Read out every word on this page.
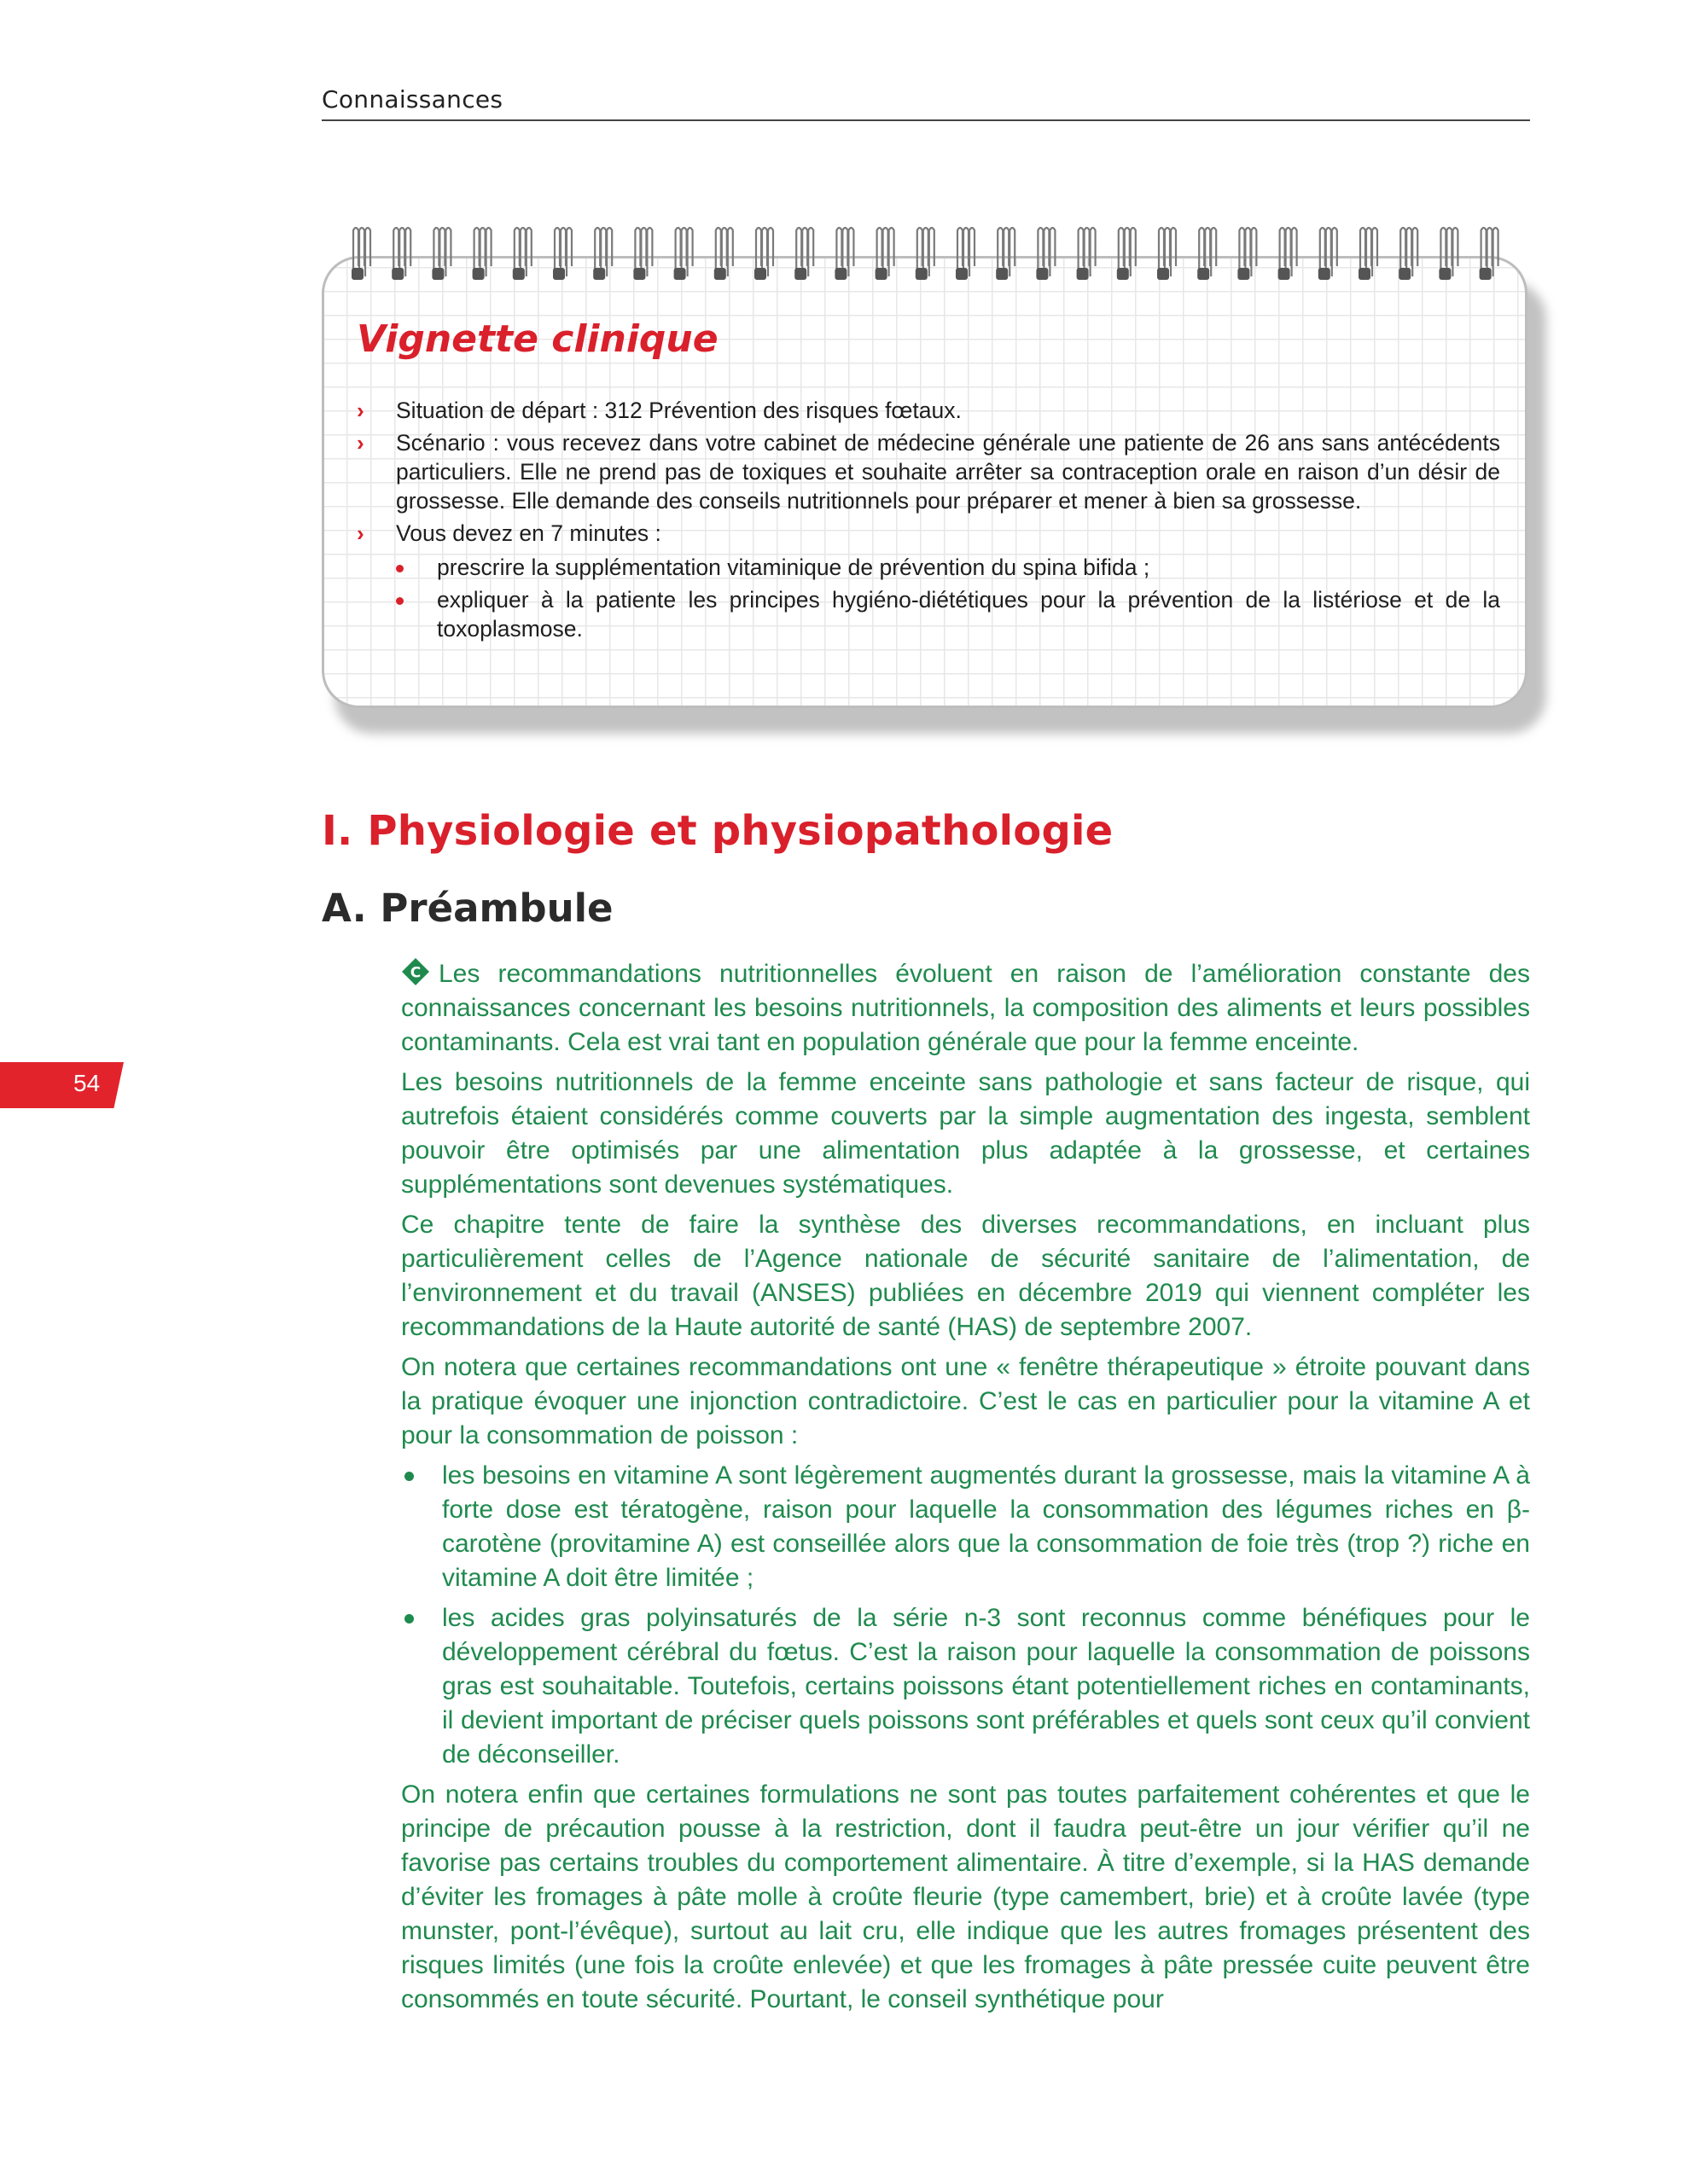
Connaissances
Vignette clinique
› Situation de départ : 312 Prévention des risques fœtaux.
› Scénario : vous recevez dans votre cabinet de médecine générale une patiente de 26 ans sans antécédents particuliers. Elle ne prend pas de toxiques et souhaite arrêter sa contraception orale en raison d’un désir de grossesse. Elle demande des conseils nutritionnels pour préparer et mener à bien sa grossesse.
› Vous devez en 7 minutes :
prescrire la supplémentation vitaminique de prévention du spina bifida ;
expliquer à la patiente les principes hygiéno-diététiques pour la prévention de la listériose et de la toxoplasmose.
I. Physiologie et physiopathologie
A. Préambule
54

C Les recommandations nutritionnelles évoluent en raison de l’amélioration constante des connaissances concernant les besoins nutritionnels, la composition des aliments et leurs possibles contaminants. Cela est vrai tant en population générale que pour la femme enceinte.

Les besoins nutritionnels de la femme enceinte sans pathologie et sans facteur de risque, qui autrefois étaient considérés comme couverts par la simple augmentation des ingesta, semblent pouvoir être optimisés par une alimentation plus adaptée à la grossesse, et certaines supplémentations sont devenues systématiques.

Ce chapitre tente de faire la synthèse des diverses recommandations, en incluant plus particulièrement celles de l’Agence nationale de sécurité sanitaire de l’alimentation, de l’environnement et du travail (ANSES) publiées en décembre 2019 qui viennent compléter les recommandations de la Haute autorité de santé (HAS) de septembre 2007.

On notera que certaines recommandations ont une « fenêtre thérapeutique » étroite pouvant dans la pratique évoquer une injonction contradictoire. C’est le cas en particulier pour la vitamine A et pour la consommation de poisson :

les besoins en vitamine A sont légèrement augmentés durant la grossesse, mais la vitamine A à forte dose est tératogène, raison pour laquelle la consommation des légumes riches en β-carotène (provitamine A) est conseillée alors que la consommation de foie très (trop ?) riche en vitamine A doit être limitée ;
les acides gras polyinsaturés de la série n-3 sont reconnus comme bénéfiques pour le développement cérébral du fœtus. C’est la raison pour laquelle la consommation de poissons gras est souhaitable. Toutefois, certains poissons étant potentiellement riches en contaminants, il devient important de préciser quels poissons sont préférables et quels sont ceux qu’il convient de déconseiller.

On notera enfin que certaines formulations ne sont pas toutes parfaitement cohérentes et que le principe de précaution pousse à la restriction, dont il faudra peut-être un jour vérifier qu’il ne favorise pas certains troubles du comportement alimentaire. À titre d’exemple, si la HAS demande d’éviter les fromages à pâte molle à croûte fleurie (type camembert, brie) et à croûte lavée (type munster, pont-l’évêque), surtout au lait cru, elle indique que les autres fromages présentent des risques limités (une fois la croûte enlevée) et que les fromages à pâte pressée cuite peuvent être consommés en toute sécurité. Pourtant, le conseil synthétique pour
